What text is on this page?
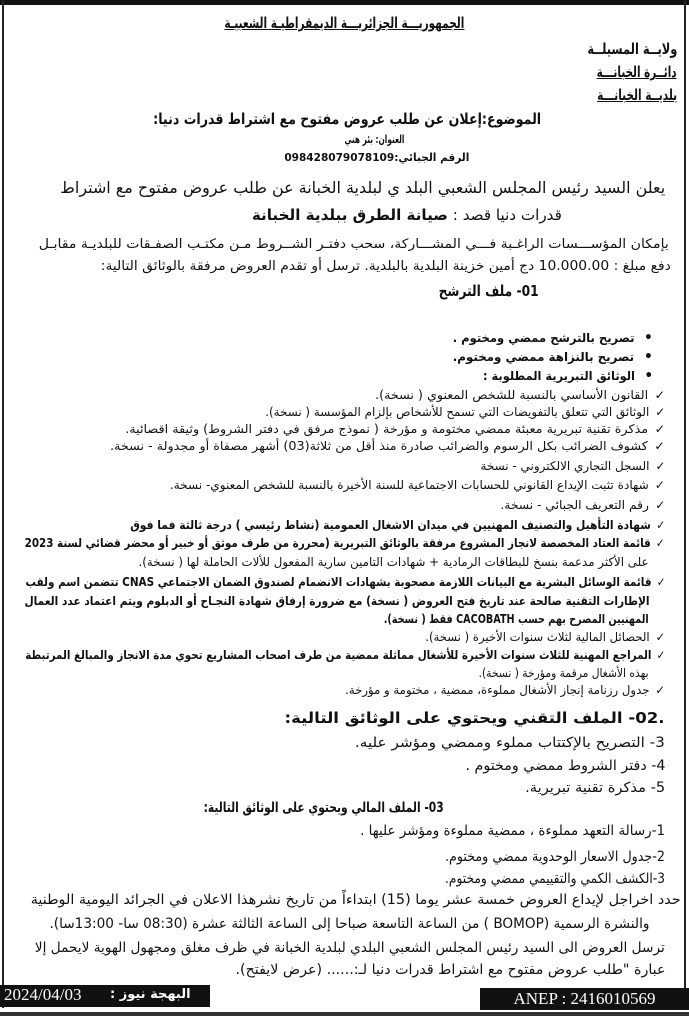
الجمهوريـــة الجزائريـــة الديمقراطيـة الشعبيـة
ولايــة المسيلــة
دائــرة الخبانـــة
بلديــة الخبانـــة
الموضوع:إعلان عن طلب عروض مفتوح مع اشتراط قدرات دنيا:
العنوان: بئر هني
الرقم الجبائي:098428079078109
يعلن السيد رئيس المجلس الشعبي البلد ي لبلدية الخبانة عن طلب عروض مفتوح مع اشتراط
قدرات دنيا قصد : صيانة الطرق ببلدية الخبانة
بإمكان المؤســـسات الراغـبة فـــي المشـــاركة، سحب دفتـر الشــروط مـن مكتـب الصفـقات للبلديـة مقابـل
دفع مبلغ : 10.000.00 دج أمين خزينة البلدية بالبلدية. ترسل أو تقدم العروض مرفقة بالوثائق التالية:
01- ملف الترشح
• تصريح بالترشح ممضي ومختوم .
• تصريح بالنزاهة ممضي ومختوم.
• الوثائق التبريرية المطلوبة :
✓ القانون الأساسي بالنسبة للشخص المعنوي ( نسخة).
✓ الوثائق التي تتعلق بالتفويضات التي تسمح للأشخاص بإلزام المؤسسة ( نسخة).
✓ مذكرة تقنية تبريرية معبئة ممضي مختومة و مؤرخة ( نموذج مرفق في دفتر الشروط) وثيقة اقصائية.
✓ كشوف الضرائب بكل الرسوم والضرائب صادرة منذ أقل من ثلاثة(03) أشهر مصفاة أو مجدولة - نسخة.
✓ السجل التجاري الالكتروني - نسخة
✓ شهادة تثبت الإيداع القانوني للحسابات الاجتماعية للسنة الأخيرة بالنسبة للشخص المعنوي- نسخة.
✓ رقم التعريف الجبائي - نسخة.
✓ شهادة التأهيل والتصنيف المهنيين في ميدان الاشغال العمومية (نشاط رئيسي ) درجة ثالثة فما فوق
✓ قائمة العتاد المخصصة لانجاز المشروع مرفقة بالوثائق التبريرية (محررة من طرف موثق أو خبير أو محضر قضائي لسنة 2023
على الأكثر مدعمة بنسخ للبطاقات الرمادية + شهادات التامين سارية المفعول للألات الحاملة لها ( نسخة).
✓ قائمة الوسائل البشرية مع البيانات اللازمة مصحوبة بشهادات الانضمام لصندوق الضمان الاجتماعي CNAS تتضمن اسم ولقب
الإطارات التقنية صالحة عند تاريخ فتح العروض ( نسخة) مع ضرورة إرفاق شهادة النجـاح أو الدبلوم ويتم اعتماد عدد العمال
المهنيين المصرح بهم حسب CACOBATH فقط ( نسخة).
✓ الحصائل المالية لثلاث سنوات الأخيرة ( نسخة).
✓ المراجع المهنية للثلاث سنوات الأخيرة للأشغال مماثلة ممضية من طرف اصحاب المشاريع تحوي مدة الانجاز والمبالغ المرتبطة
بهذه الأشغال مرقمة ومؤرخة ( نسخة).
✓ جدول رزنامة إنجاز الأشغال مملوءة، ممضية ، مختومة و مؤرخة.
.02- الملف التقني ويحتوي على الوثائق التالية:
3- التصريح بالإكتتاب مملوء وممضي ومؤشر عليه.
4- دفتر الشروط ممضي ومختوم .
5- مذكرة تقنية تبريرية.
03- الملف المالي ويحتوي على الوثائق التالية:
1-رسالة التعهد مملوءة ، ممضية مملوءة ومؤشر عليها .
2-جدول الاسعار الوحدوية ممضي ومختوم.
3-الكشف الكمي والتقييمي ممضي ومختوم.
حدد اخراجل لإيداع العروض خمسة عشر يوما (15) ابتداءاً من تاريخ نشرهذا الاعلان في الجرائد اليومية الوطنية
والنشرة الرسمية (BOMOP ) من الساعة التاسعة صباحا إلى الساعة الثالثة عشرة (08:30 سا- 13:00سا).
ترسل العروض الى السيد رئيس المجلس الشعبي البلدي لبلدية الخبانة في ظرف مغلق ومجهول الهوية لايحمل إلا
عبارة "طلب عروض مفتوح مع اشتراط قدرات دنيا لـ:...... (عرض لايفتح).
2024/04/03 البهجة نيوز :	ANEP : 2416010569
